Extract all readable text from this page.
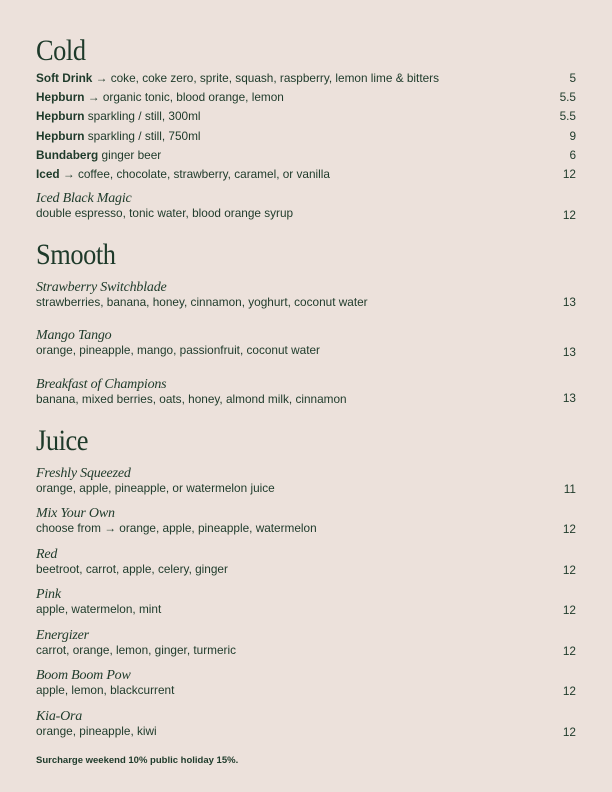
Cold
Soft Drink → coke, coke zero, sprite, squash, raspberry, lemon lime & bitters	5
Hepburn → organic tonic, blood orange, lemon	5.5
Hepburn sparkling / still, 300ml	5.5
Hepburn sparkling / still, 750ml	9
Bundaberg ginger beer	6
Iced → coffee, chocolate, strawberry, caramel, or vanilla	12
Iced Black Magic
double espresso, tonic water, blood orange syrup	12
Smooth
Strawberry Switchblade
strawberries, banana, honey, cinnamon, yoghurt, coconut water	13
Mango Tango
orange, pineapple, mango, passionfruit, coconut water	13
Breakfast of Champions
banana, mixed berries, oats, honey, almond milk, cinnamon	13
Juice
Freshly Squeezed
orange, apple, pineapple, or watermelon juice	11
Mix Your Own
choose from → orange, apple, pineapple, watermelon	12
Red
beetroot, carrot, apple, celery, ginger	12
Pink
apple, watermelon, mint	12
Energizer
carrot, orange, lemon, ginger, turmeric	12
Boom Boom Pow
apple, lemon, blackcurrent	12
Kia-Ora
orange, pineapple, kiwi	12
Surcharge weekend 10% public holiday 15%.
